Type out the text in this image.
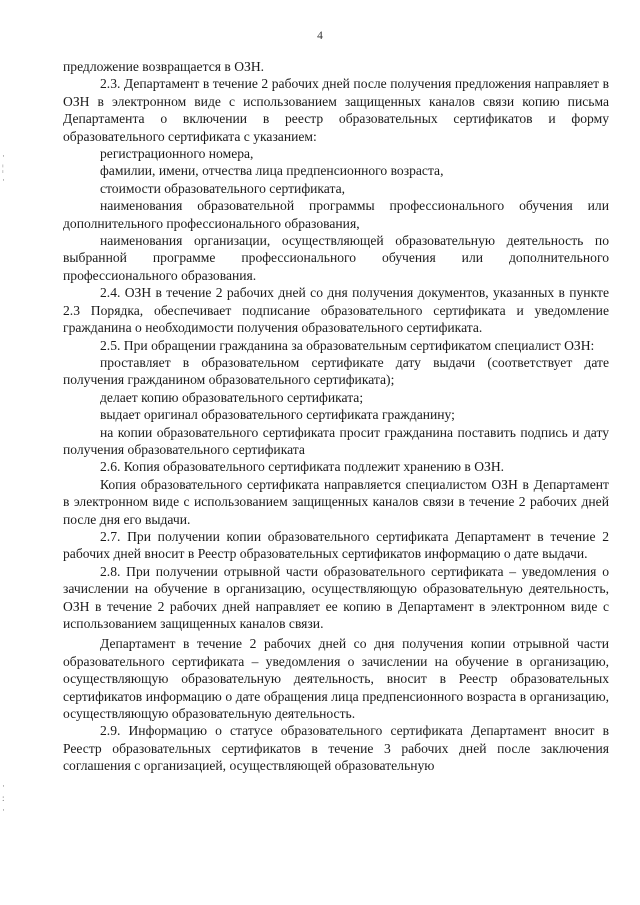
4
·
¦
·
·
:
·

предложение возвращается в ОЗН.

2.3. Департамент в течение 2 рабочих дней после получения предложения направляет в ОЗН в электронном виде с использованием защищенных каналов связи копию письма Департамента о включении в реестр образовательных сертификатов и форму образовательного сертификата с указанием:

регистрационного номера,

фамилии, имени, отчества лица предпенсионного возраста,

стоимости образовательного сертификата,

наименования образовательной программы профессионального обучения или дополнительного профессионального образования,

наименования организации, осуществляющей образовательную деятельность по выбранной программе профессионального обучения или дополнительного профессионального образования.

2.4. ОЗН в течение 2 рабочих дней со дня получения документов, указанных в пункте 2.3 Порядка, обеспечивает подписание образовательного сертификата и уведомление гражданина о необходимости получения образовательного сертификата.

2.5. При обращении гражданина за образовательным сертификатом специалист ОЗН:

проставляет в образовательном сертификате дату выдачи (соответствует дате получения гражданином образовательного сертификата);

делает копию образовательного сертификата;

выдает оригинал образовательного сертификата гражданину;

на копии образовательного сертификата просит гражданина поставить подпись и дату получения образовательного сертификата

2.6. Копия образовательного сертификата подлежит хранению в ОЗН.

Копия образовательного сертификата направляется специалистом ОЗН в Департамент в электронном виде с использованием защищенных каналов связи в течение 2 рабочих дней после дня его выдачи.

2.7. При получении копии образовательного сертификата Департамент в течение 2 рабочих дней вносит в Реестр образовательных сертификатов информацию о дате выдачи.

2.8. При получении отрывной части образовательного сертификата – уведомления о зачислении на обучение в организацию, осуществляющую образовательную деятельность, ОЗН в течение 2 рабочих дней направляет ее копию в Департамент в электронном виде с использованием защищенных каналов связи.

Департамент в течение 2 рабочих дней со дня получения копии отрывной части образовательного сертификата – уведомления о зачислении на обучение в организацию, осуществляющую образовательную деятельность, вносит в Реестр образовательных сертификатов информацию о дате обращения лица предпенсионного возраста в организацию, осуществляющую образовательную деятельность.

2.9. Информацию о статусе образовательного сертификата Департамент вносит в Реестр образовательных сертификатов в течение 3 рабочих дней после заключения соглашения с организацией, осуществляющей образовательную
